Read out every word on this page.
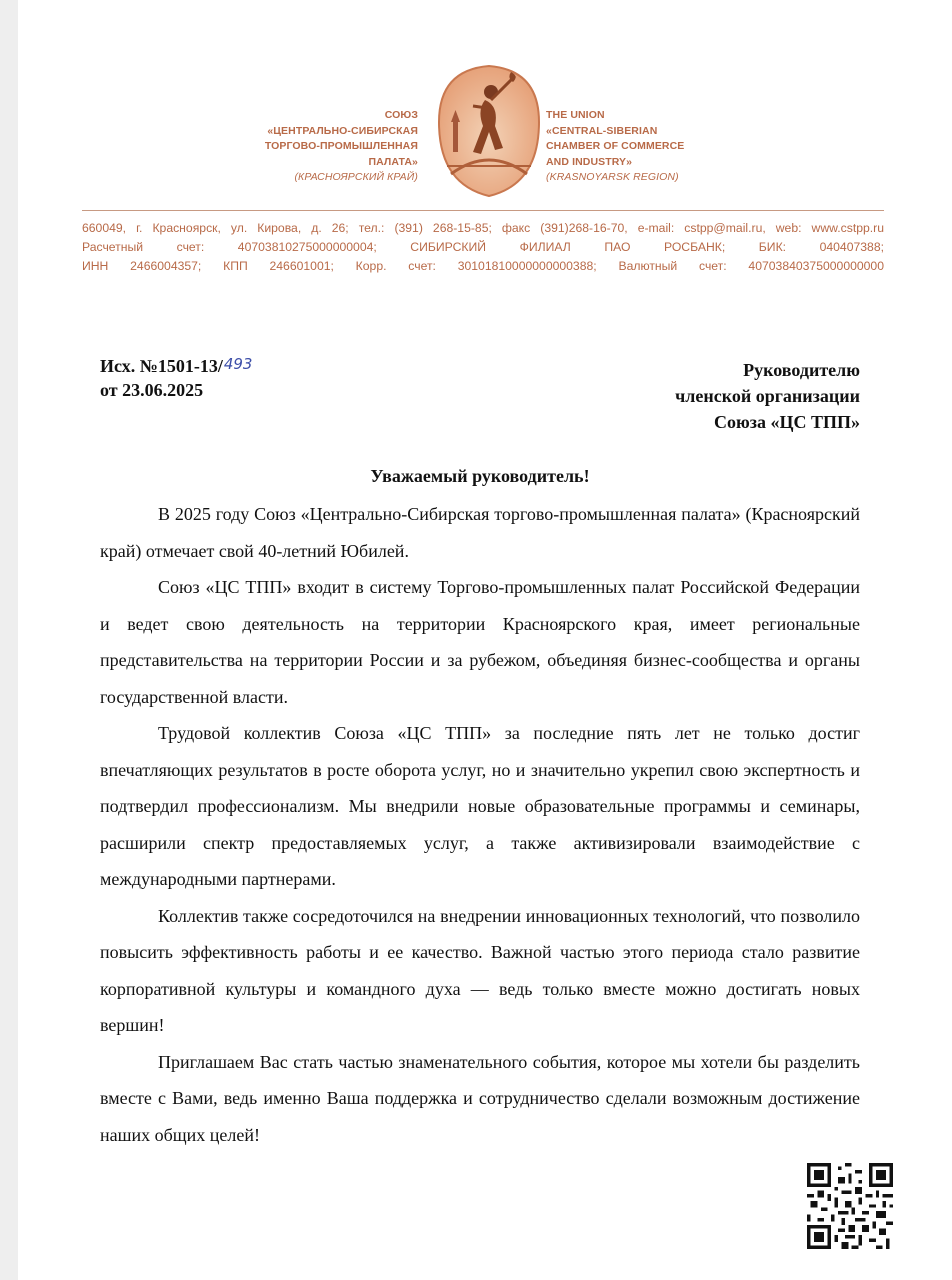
СОЮЗ
«ЦЕНТРАЛЬНО-СИБИРСКАЯ
ТОРГОВО-ПРОМЫШЛЕННАЯ
ПАЛАТА»
(КРАСНОЯРСКИЙ КРАЙ)
THE UNION
«CENTRAL-SIBERIAN
CHAMBER OF COMMERCE
AND INDUSTRY»
(KRASNOYARSK REGION)
660049, г. Красноярск, ул. Кирова, д. 26; тел.: (391) 268-15-85; факс (391)268-16-70, e-mail: cstpp@mail.ru, web: www.cstpp.ru
Расчетный счет: 40703810275000000004; СИБИРСКИЙ ФИЛИАЛ ПАО РОСБАНК; БИК: 040407388;
ИНН 2466004357; КПП 246601001; Корр. счет: 30101810000000000388; Валютный счет: 40703840375000000000
Исх. №1501-13/493
от 23.06.2025
Руководителю
членской организации
Союза «ЦС ТПП»
Уважаемый руководитель!

В 2025 году Союз «Центрально-Сибирская торгово-промышленная палата» (Красноярский край) отмечает свой 40-летний Юбилей.

Союз «ЦС ТПП» входит в систему Торгово-промышленных палат Российской Федерации и ведет свою деятельность на территории Красноярского края, имеет региональные представительства на территории России и за рубежом, объединяя бизнес-сообщества и органы государственной власти.

Трудовой коллектив Союза «ЦС ТПП» за последние пять лет не только достиг впечатляющих результатов в росте оборота услуг, но и значительно укрепил свою экспертность и подтвердил профессионализм. Мы внедрили новые образовательные программы и семинары, расширили спектр предоставляемых услуг, а также активизировали взаимодействие с международными партнерами.

Коллектив также сосредоточился на внедрении инновационных технологий, что позволило повысить эффективность работы и ее качество. Важной частью этого периода стало развитие корпоративной культуры и командного духа — ведь только вместе можно достигать новых вершин!

Приглашаем Вас стать частью знаменательного события, которое мы хотели бы разделить вместе с Вами, ведь именно Ваша поддержка и сотрудничество сделали возможным достижение наших общих целей!
